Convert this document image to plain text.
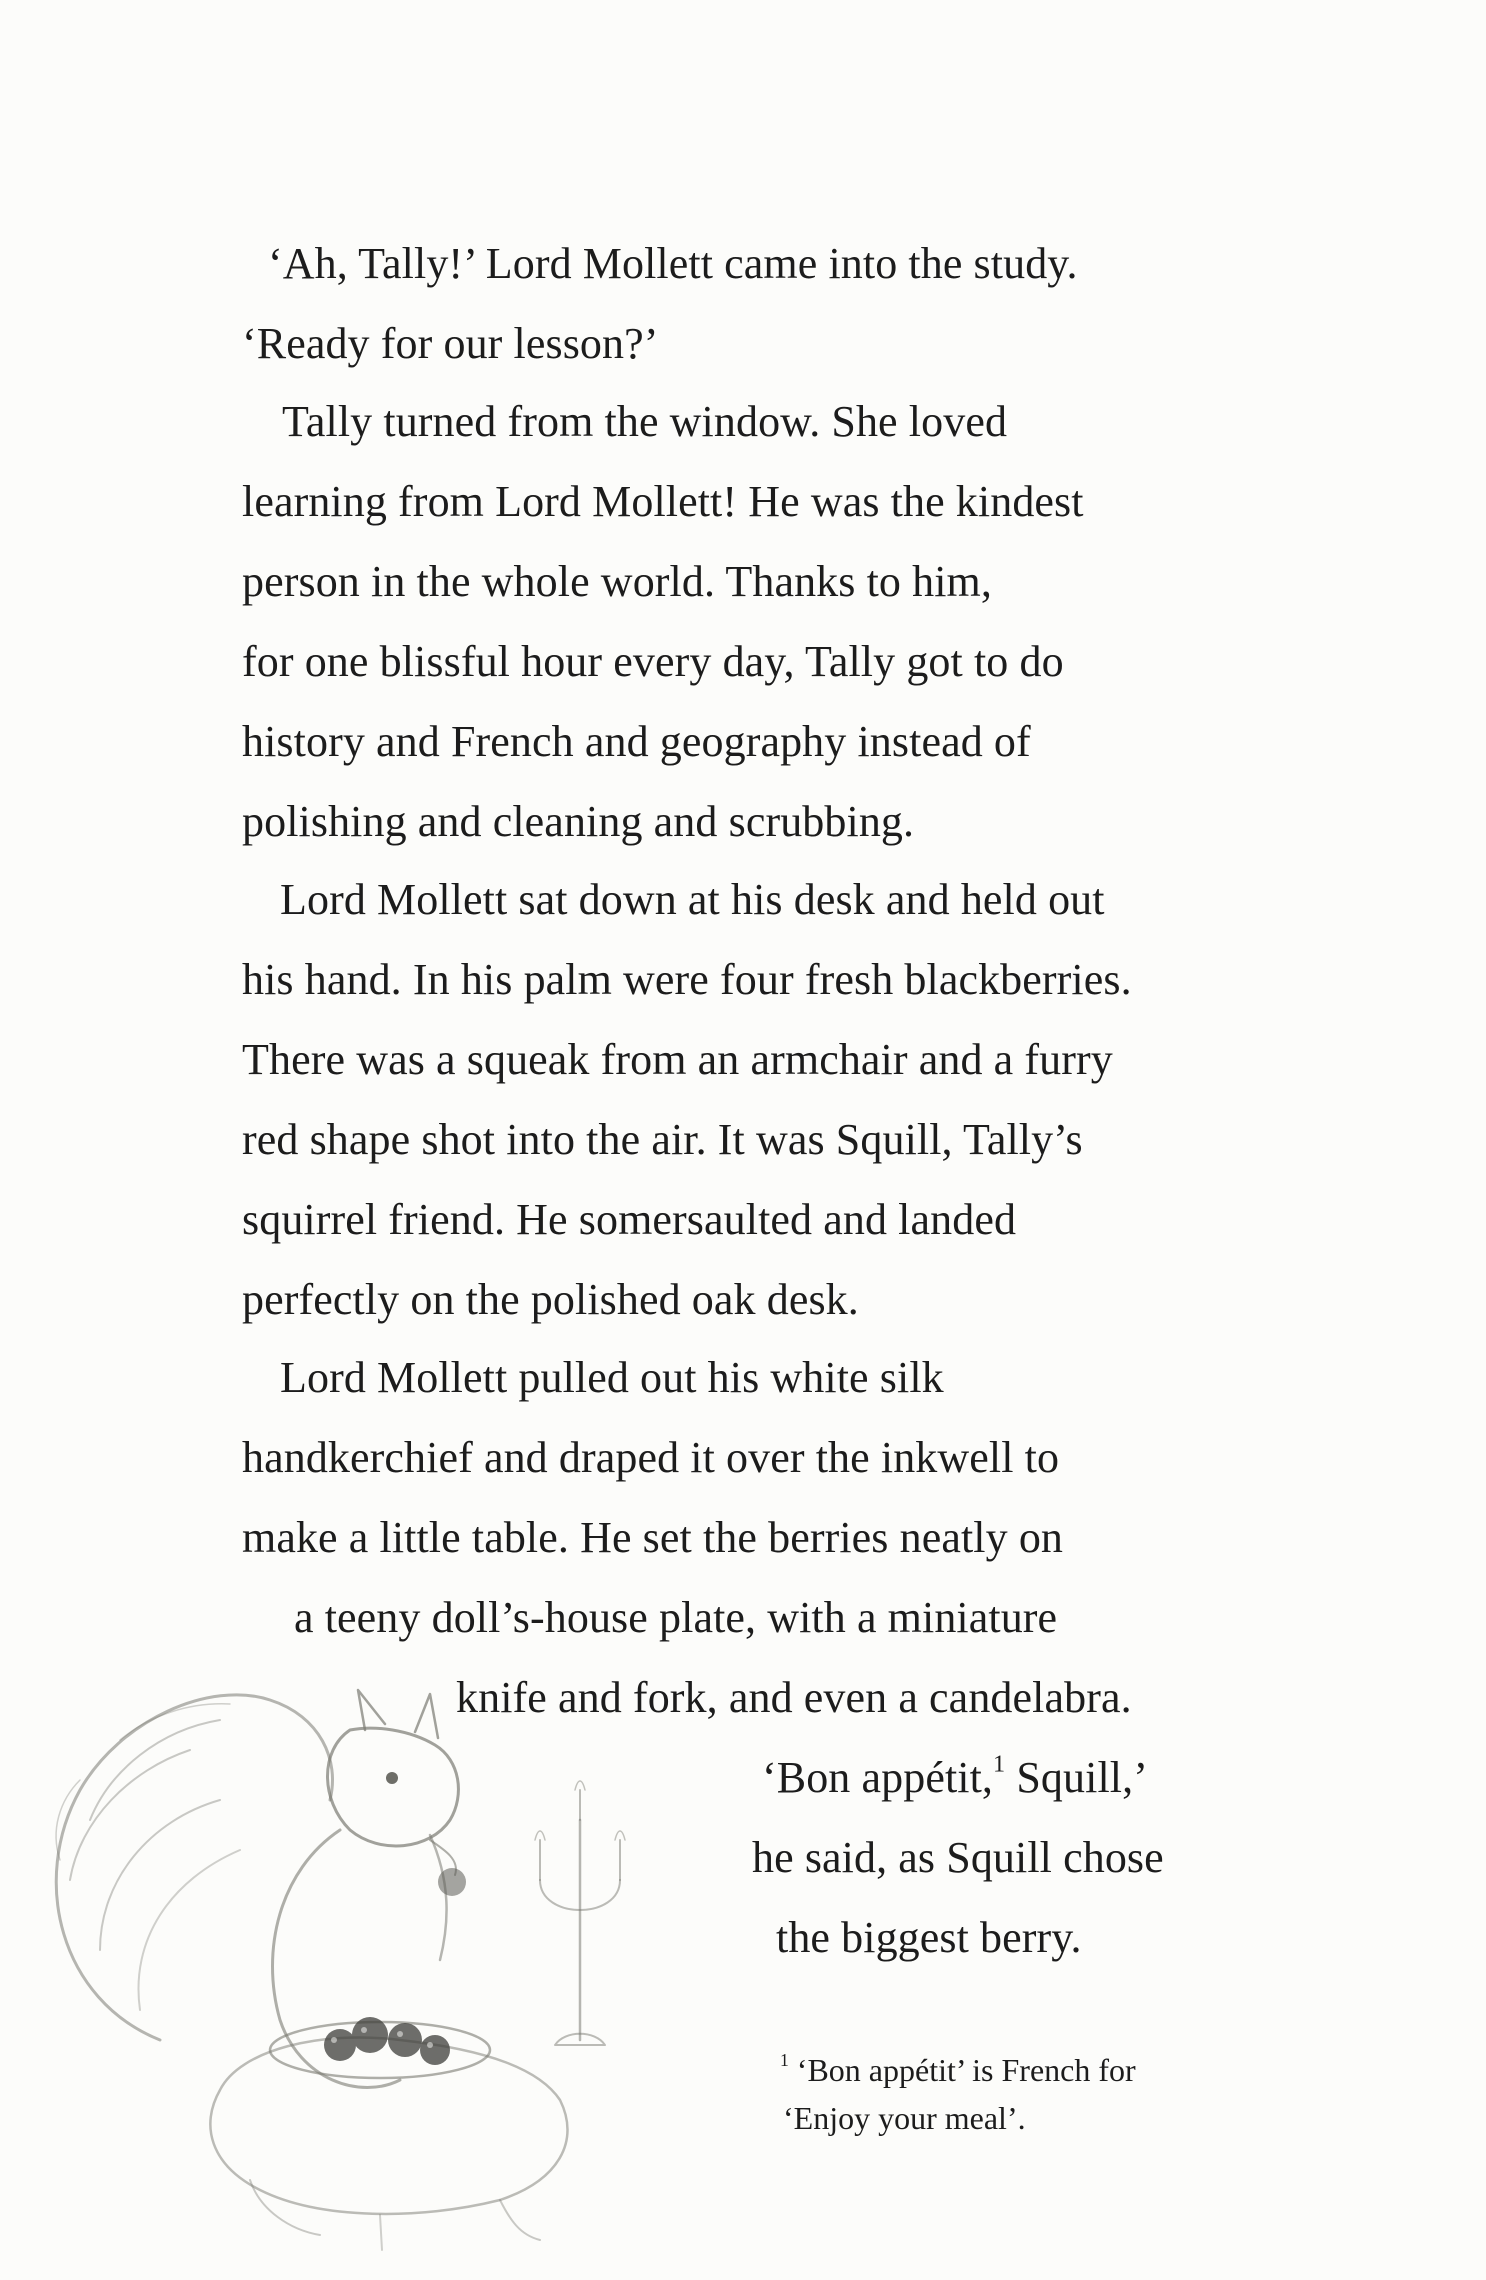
‘Ah, Tally!’ Lord Mollett came into the study.
‘Ready for our lesson?’
Tally turned from the window. She loved
learning from Lord Mollett! He was the kindest
person in the whole world. Thanks to him,
for one blissful hour every day, Tally got to do
history and French and geography instead of
polishing and cleaning and scrubbing.
Lord Mollett sat down at his desk and held out
his hand. In his palm were four fresh blackberries.
There was a squeak from an armchair and a furry
red shape shot into the air. It was Squill, Tally’s
squirrel friend. He somersaulted and landed
perfectly on the polished oak desk.
Lord Mollett pulled out his white silk
handkerchief and draped it over the inkwell to
make a little table. He set the berries neatly on
a teeny doll’s-house plate, with a miniature
knife and fork, and even a candelabra.
‘Bon appétit,$^1$ Squill,’
he said, as Squill chose
the biggest berry.
$^1$ ‘Bon appétit’ is French for
‘Enjoy your meal’.
